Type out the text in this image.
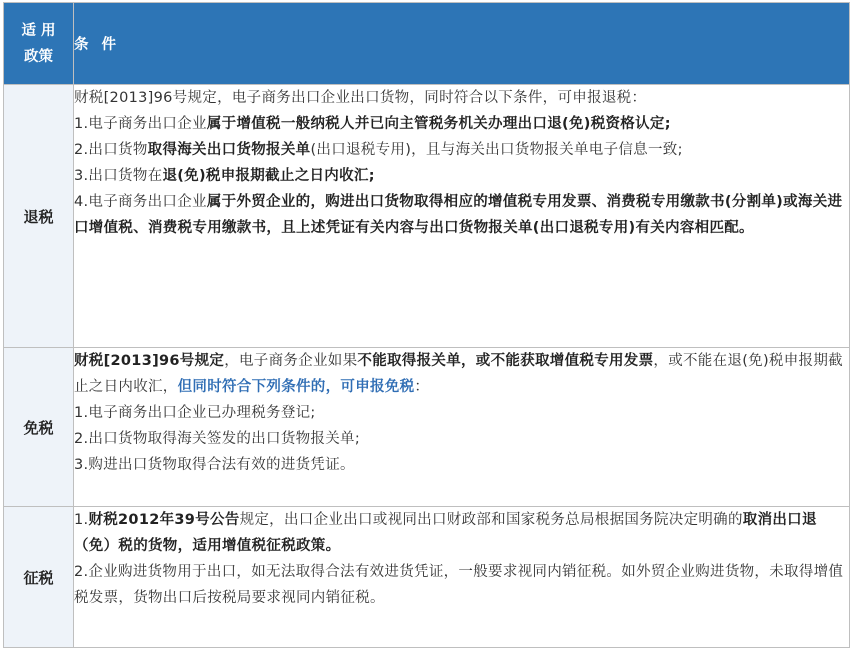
适 用
政策	条 件
退税	财税[2013]96号规定，电子商务出口企业出口货物，同时符合以下条件，可申报退税：

1.电子商务出口企业属于增值税一般纳税人并已向主管税务机关办理出口退(免)税资格认定;

2.出口货物取得海关出口货物报关单(出口退税专用)，且与海关出口货物报关单电子信息一致;

3.出口货物在退(免)税申报期截止之日内收汇;

4.电子商务出口企业属于外贸企业的，购进出口货物取得相应的增值税专用发票、消费税专用缴款书(分割单)或海关进口增值税、消费税专用缴款书，且上述凭证有关内容与出口货物报关单(出口退税专用)有关内容相匹配。

免税	财税[2013]96号规定，电子商务企业如果不能取得报关单，或不能获取增值税专用发票，或不能在退(免)税申报期截止之日内收汇，但同时符合下列条件的，可申报免税：

1.电子商务出口企业已办理税务登记;

2.出口货物取得海关签发的出口货物报关单;

3.购进出口货物取得合法有效的进货凭证。

征税	1.财税2012年39号公告规定，出口企业出口或视同出口财政部和国家税务总局根据国务院决定明确的取消出口退（免）税的货物，适用增值税征税政策。

2.企业购进货物用于出口，如无法取得合法有效进货凭证，一般要求视同内销征税。如外贸企业购进货物，未取得增值税发票，货物出口后按税局要求视同内销征税。
